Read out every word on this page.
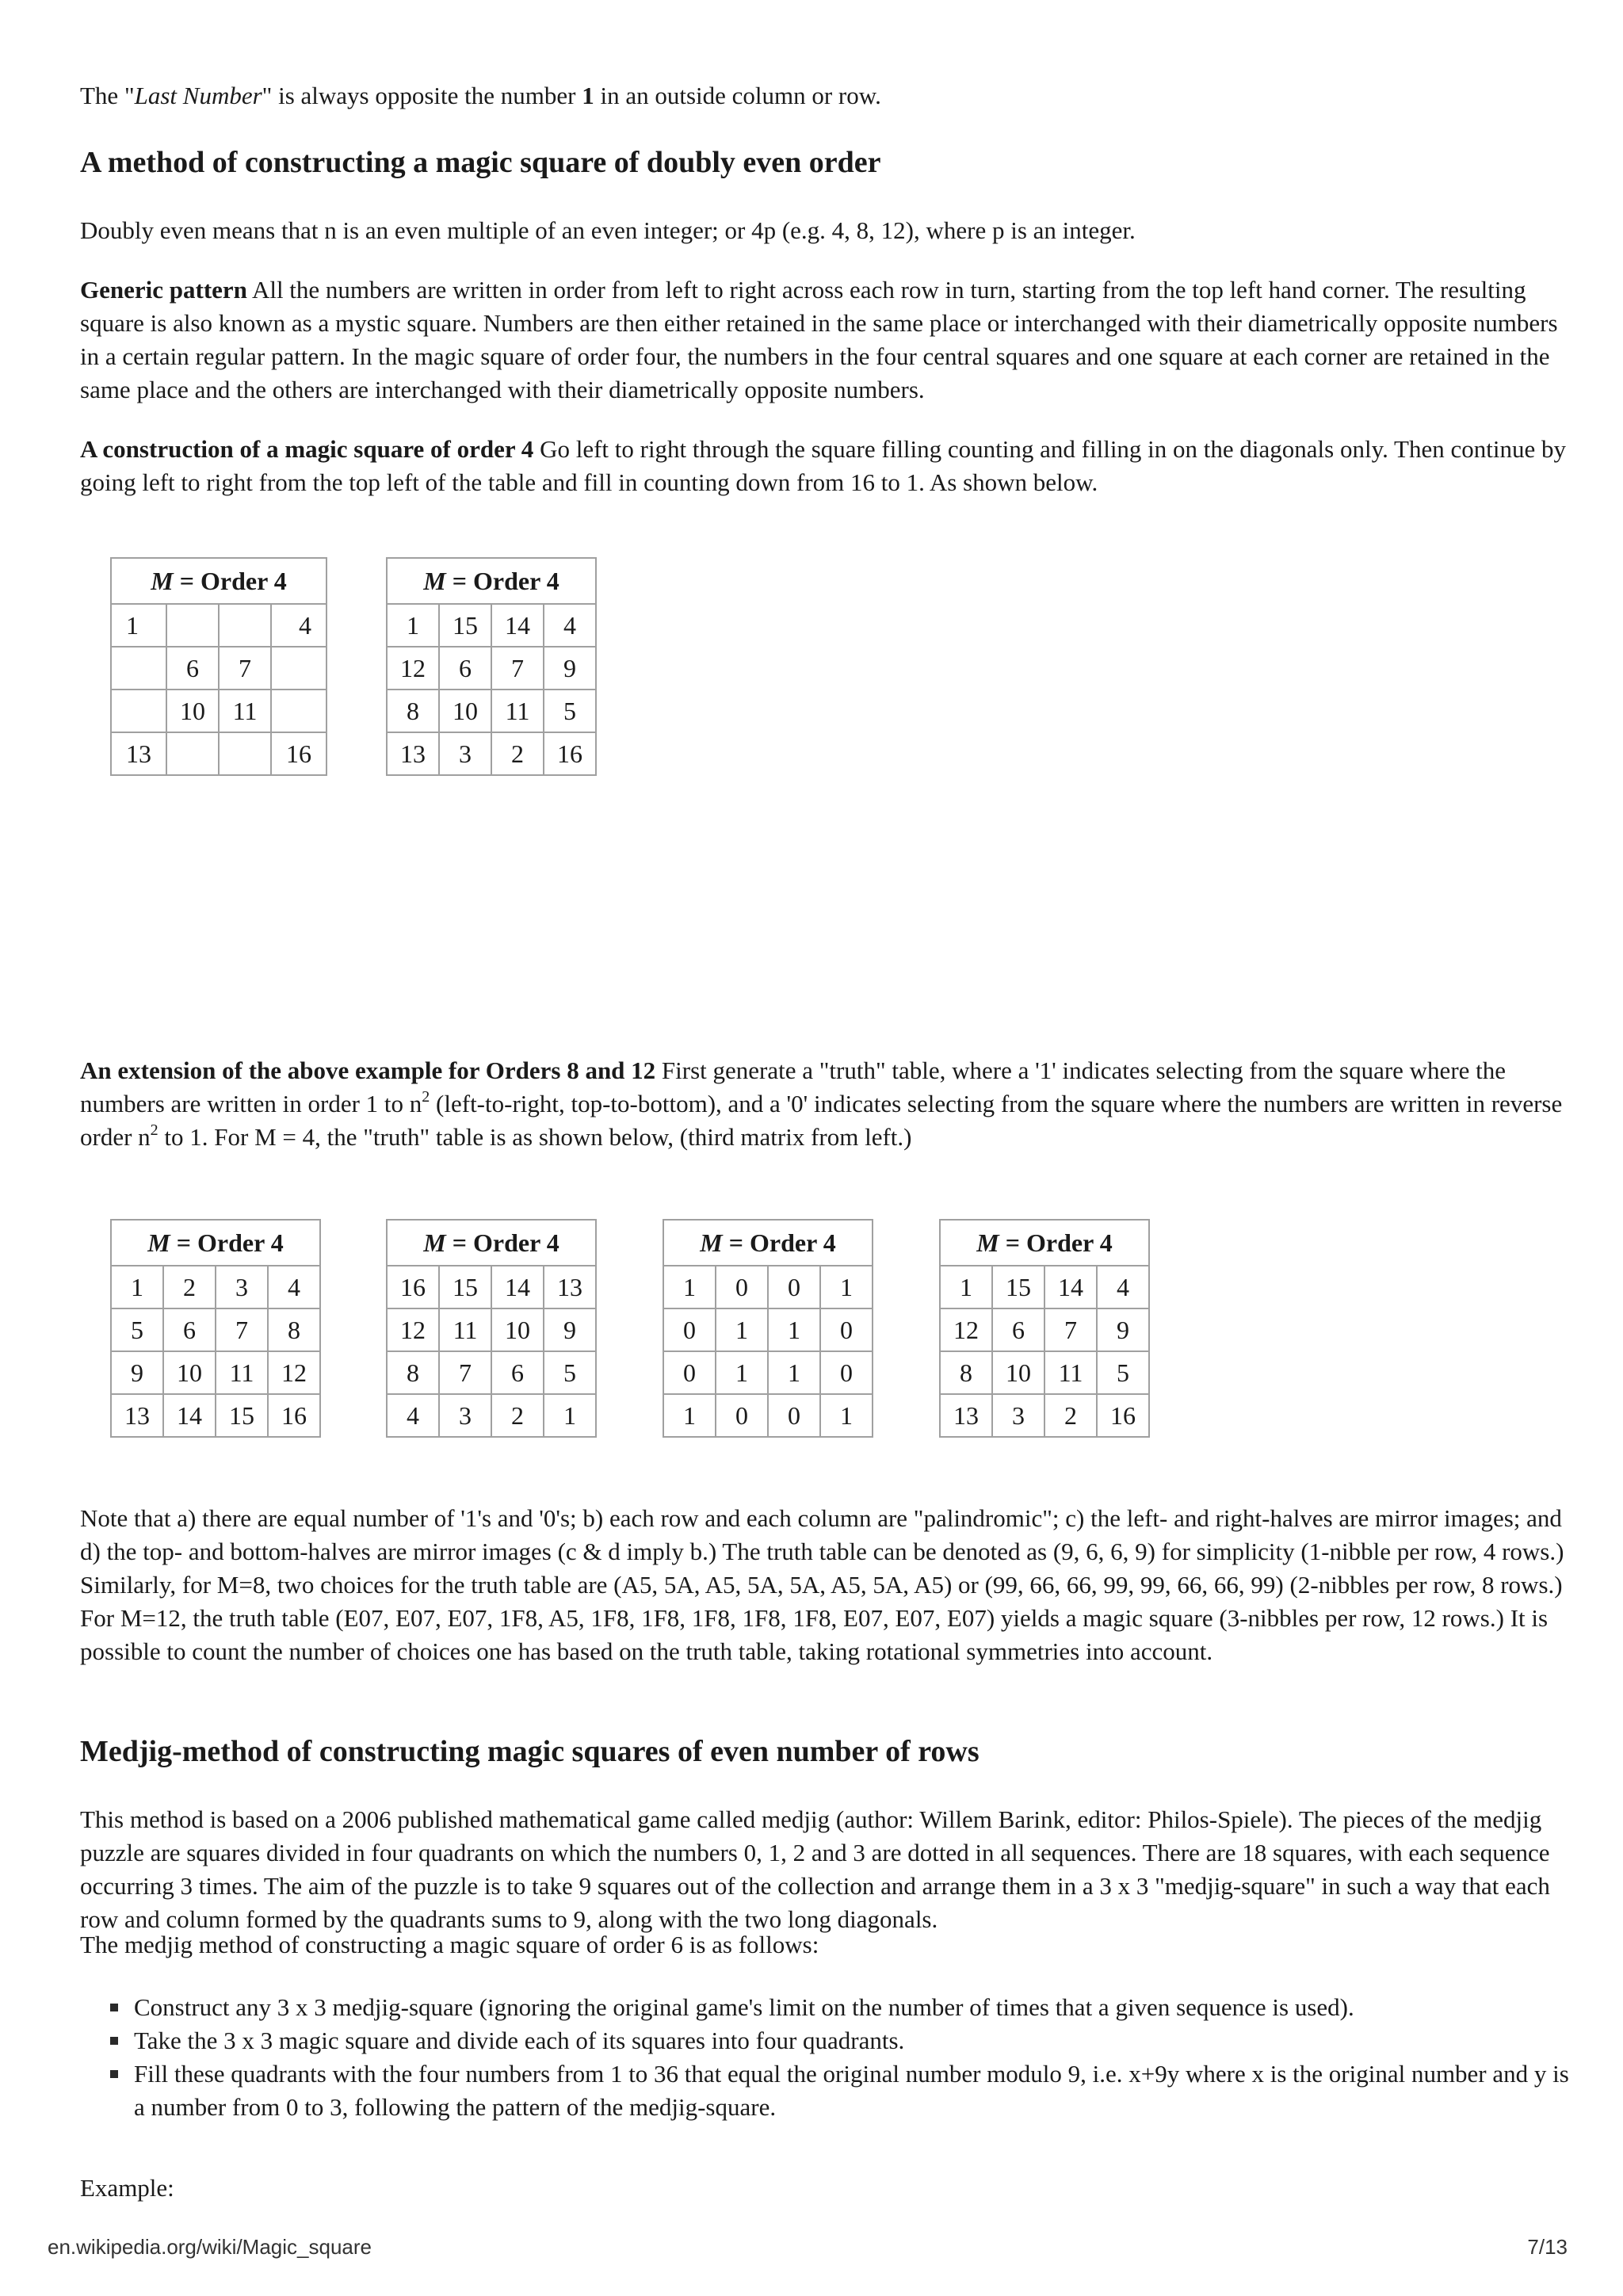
The "Last Number" is always opposite the number 1 in an outside column or row.

A method of constructing a magic square of doubly even order

Doubly even means that n is an even multiple of an even integer; or 4p (e.g. 4, 8, 12), where p is an integer.

Generic pattern All the numbers are written in order from left to right across each row in turn, starting from the top left hand corner. The resulting square is also known as a mystic square. Numbers are then either retained in the same place or interchanged with their diametrically opposite numbers in a certain regular pattern. In the magic square of order four, the numbers in the four central squares and one square at each corner are retained in the same place and the others are interchanged with their diametrically opposite numbers.

A construction of a magic square of order 4 Go left to right through the square filling counting and filling in on the diagonals only. Then continue by going left to right from the top left of the table and fill in counting down from 16 to 1. As shown below.

M = Order 4			
1			4
	6	7	
	10	11	
13			16
M = Order 4			
1	15	14	4
12	6	7	9
8	10	11	5
13	3	2	16

An extension of the above example for Orders 8 and 12 First generate a "truth" table, where a '1' indicates selecting from the square where the numbers are written in order 1 to $n^2$ (left-to-right, top-to-bottom), and a '0' indicates selecting from the square where the numbers are written in reverse order $n^2$ to 1. For M = 4, the "truth" table is as shown below, (third matrix from left.)

M = Order 4			
1	2	3	4
5	6	7	8
9	10	11	12
13	14	15	16
M = Order 4			
16	15	14	13
12	11	10	9
8	7	6	5
4	3	2	1
M = Order 4			
1	0	0	1
0	1	1	0
0	1	1	0
1	0	0	1
M = Order 4			
1	15	14	4
12	6	7	9
8	10	11	5
13	3	2	16

Note that a) there are equal number of '1's and '0's; b) each row and each column are "palindromic"; c) the left- and right-halves are mirror images; and d) the top- and bottom-halves are mirror images (c & d imply b.) The truth table can be denoted as (9, 6, 6, 9) for simplicity (1-nibble per row, 4 rows.) Similarly, for M=8, two choices for the truth table are (A5, 5A, A5, 5A, 5A, A5, 5A, A5) or (99, 66, 66, 99, 99, 66, 66, 99) (2-nibbles per row, 8 rows.) For M=12, the truth table (E07, E07, E07, 1F8, A5, 1F8, 1F8, 1F8, 1F8, 1F8, E07, E07, E07) yields a magic square (3-nibbles per row, 12 rows.) It is possible to count the number of choices one has based on the truth table, taking rotational symmetries into account.

Medjig-method of constructing magic squares of even number of rows

This method is based on a 2006 published mathematical game called medjig (author: Willem Barink, editor: Philos-Spiele). The pieces of the medjig puzzle are squares divided in four quadrants on which the numbers 0, 1, 2 and 3 are dotted in all sequences. There are 18 squares, with each sequence occurring 3 times. The aim of the puzzle is to take 9 squares out of the collection and arrange them in a 3 x 3 "medjig-square" in such a way that each row and column formed by the quadrants sums to 9, along with the two long diagonals.

The medjig method of constructing a magic square of order 6 is as follows:

Construct any 3 x 3 medjig-square (ignoring the original game's limit on the number of times that a given sequence is used).
Take the 3 x 3 magic square and divide each of its squares into four quadrants.
Fill these quadrants with the four numbers from 1 to 36 that equal the original number modulo 9, i.e. x+9y where x is the original number and y is a number from 0 to 3, following the pattern of the medjig-square.

Example:

en.wikipedia.org/wiki/Magic_square	7/13
